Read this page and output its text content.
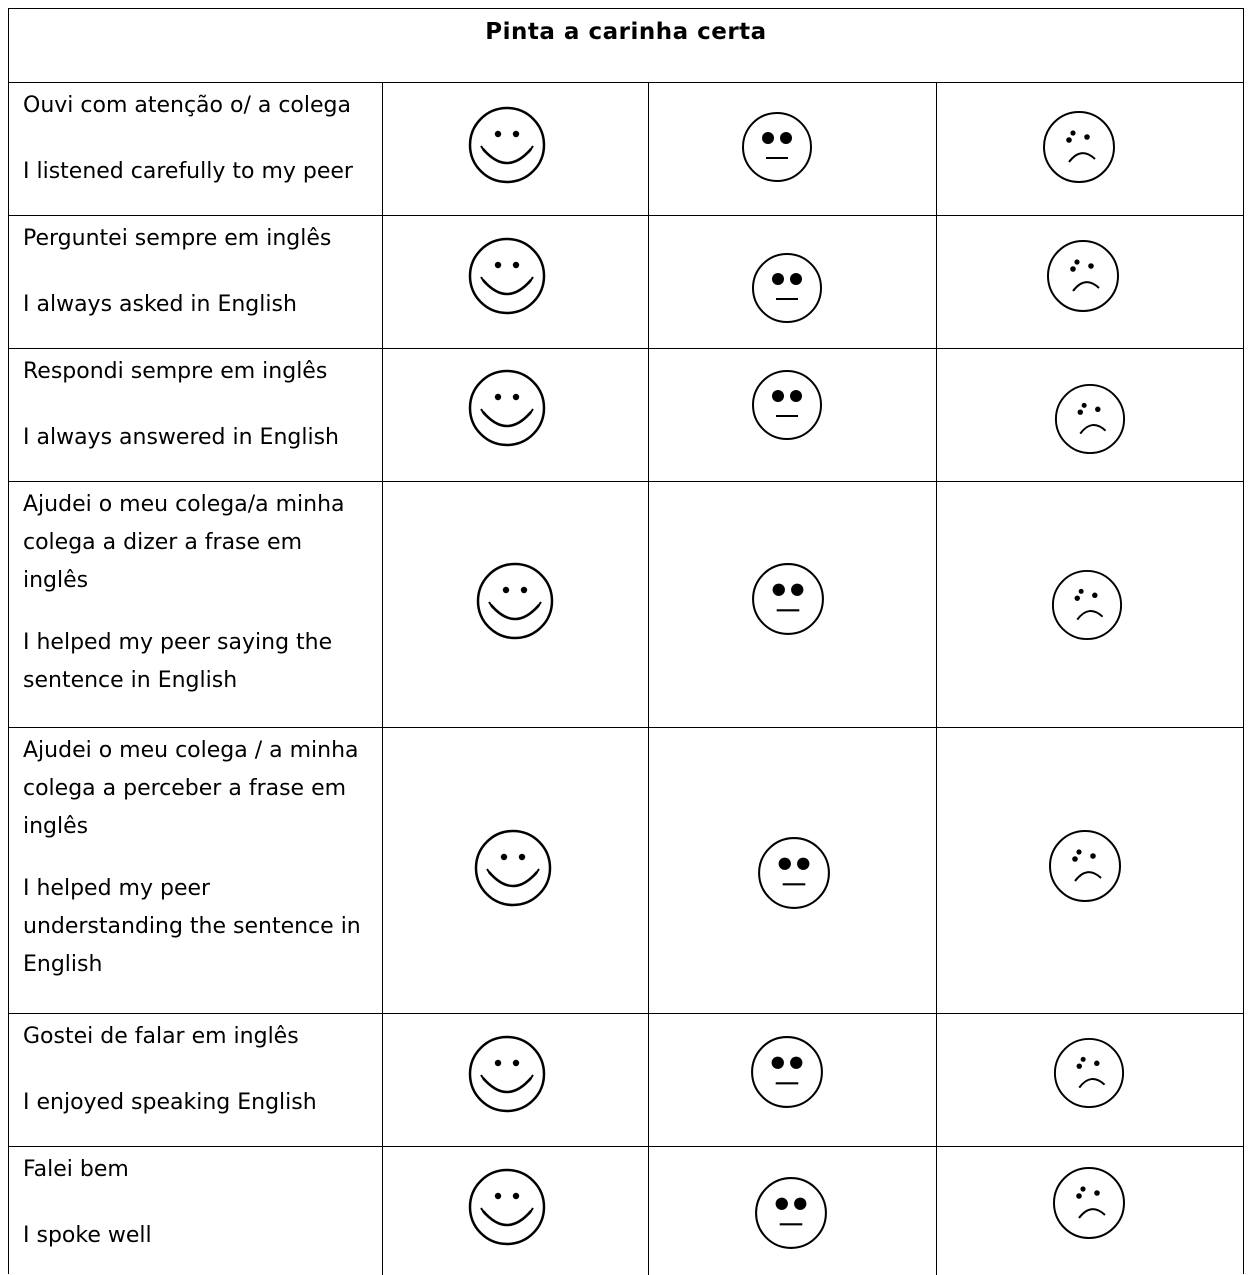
Pinta a carinha certa

Ouvi com atenção o/ a colega

I listened carefully to my peer

Perguntei sempre em inglês

I always asked in English

Respondi sempre em inglês

I always answered in English

Ajudei o meu colega/a minha colega a dizer a frase em inglês

I helped my peer saying the sentence in English

Ajudei o meu colega / a minha colega a perceber a frase em inglês

I helped my peer understanding the sentence in English

Gostei de falar em inglês

I enjoyed speaking English

Falei bem

I spoke well
